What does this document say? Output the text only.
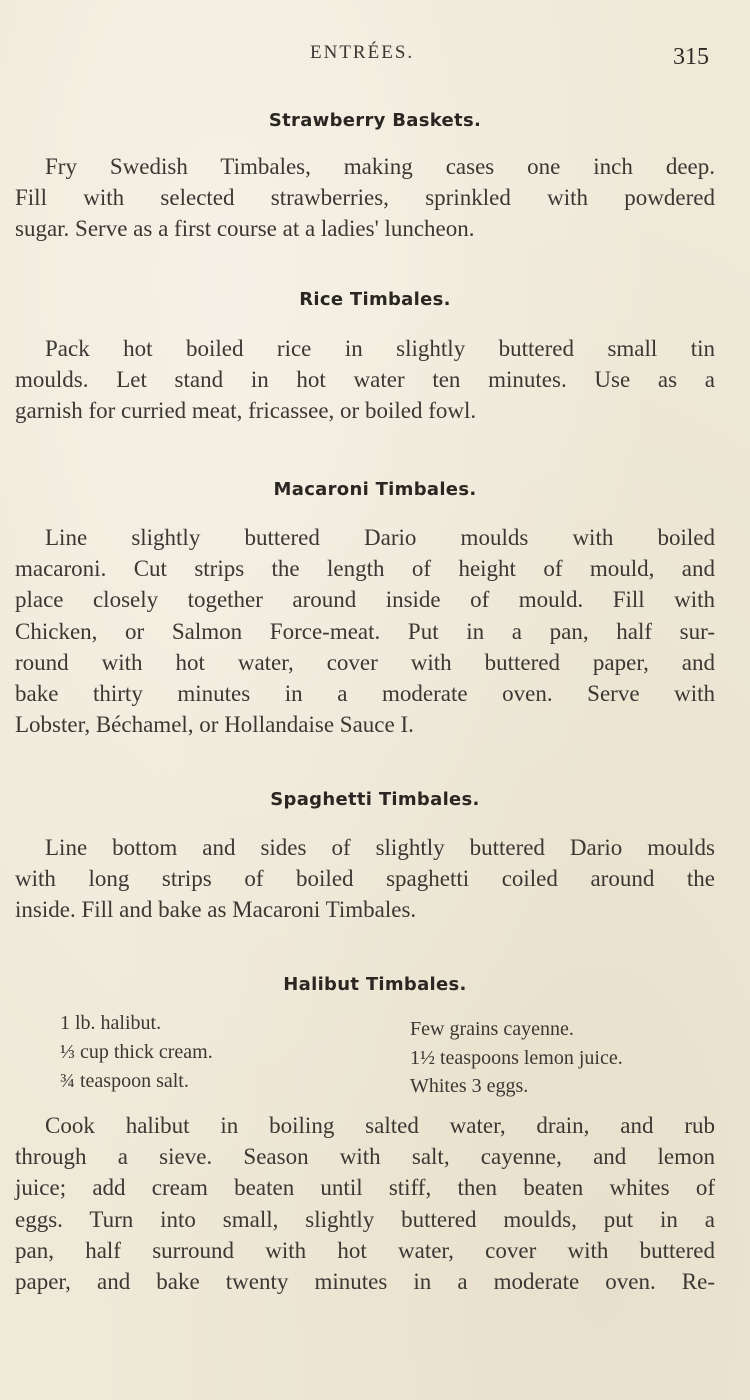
ENTRÉES.	315
Strawberry Baskets.
Fry Swedish Timbales, making cases one inch deep.
Fill with selected strawberries, sprinkled with powdered
sugar. Serve as a first course at a ladies' luncheon.
Rice Timbales.
Pack hot boiled rice in slightly buttered small tin
moulds. Let stand in hot water ten minutes. Use as a
garnish for curried meat, fricassee, or boiled fowl.
Macaroni Timbales.
Line slightly buttered Dario moulds with boiled
macaroni. Cut strips the length of height of mould, and
place closely together around inside of mould. Fill with
Chicken, or Salmon Force-meat. Put in a pan, half sur-
round with hot water, cover with buttered paper, and
bake thirty minutes in a moderate oven. Serve with
Lobster, Béchamel, or Hollandaise Sauce I.
Spaghetti Timbales.
Line bottom and sides of slightly buttered Dario moulds
with long strips of boiled spaghetti coiled around the
inside. Fill and bake as Macaroni Timbales.
Halibut Timbales.
1 lb. halibut.
⅓ cup thick cream.
¾ teaspoon salt.
Few grains cayenne.
1½ teaspoons lemon juice.
Whites 3 eggs.
Cook halibut in boiling salted water, drain, and rub
through a sieve. Season with salt, cayenne, and lemon
juice; add cream beaten until stiff, then beaten whites of
eggs. Turn into small, slightly buttered moulds, put in a
pan, half surround with hot water, cover with buttered
paper, and bake twenty minutes in a moderate oven. Re-
